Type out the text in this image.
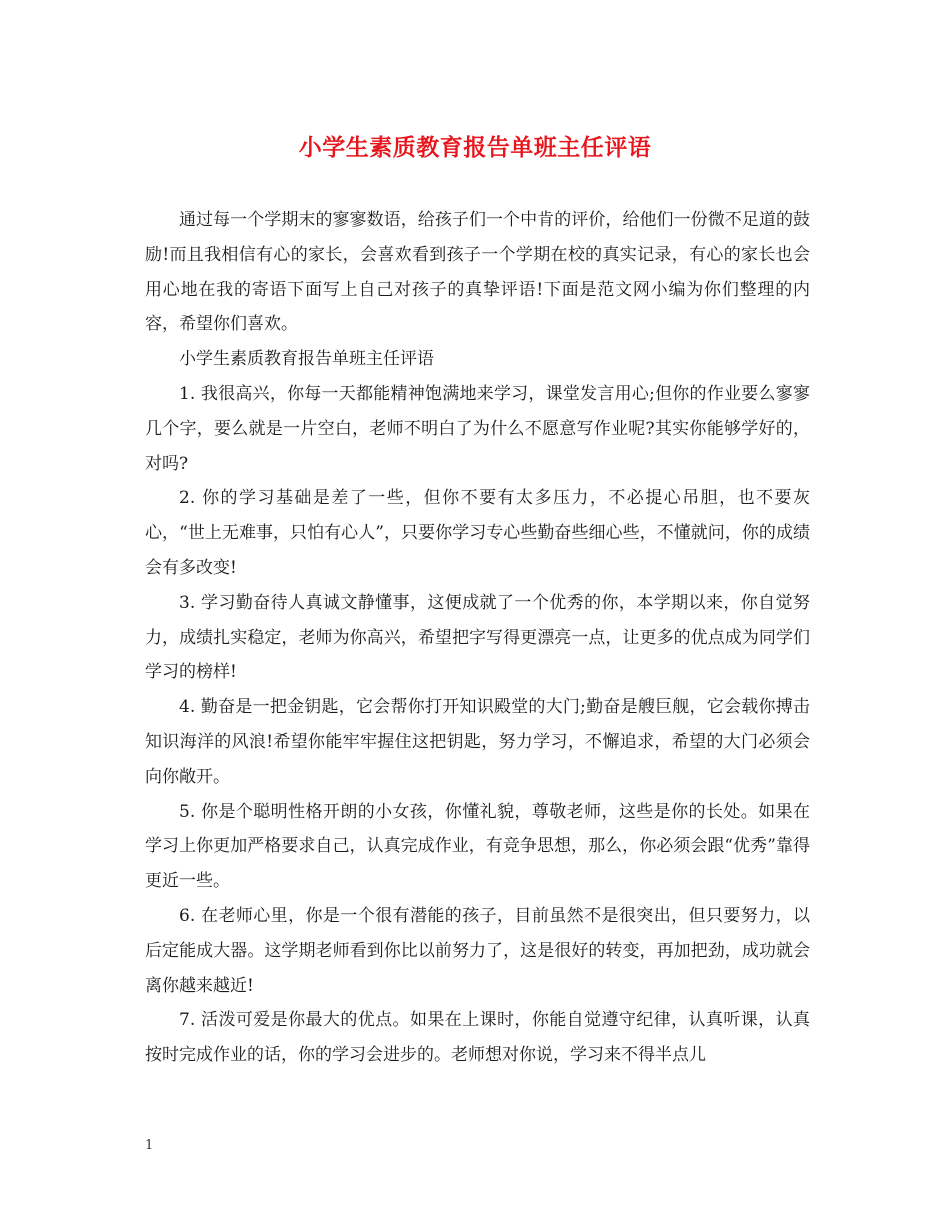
小学生素质教育报告单班主任评语

通过每一个学期末的寥寥数语，给孩子们一个中肯的评价，给他们一份微不足道的鼓励!而且我相信有心的家长，会喜欢看到孩子一个学期在校的真实记录，有心的家长也会用心地在我的寄语下面写上自己对孩子的真挚评语!下面是范文网小编为你们整理的内容，希望你们喜欢。

小学生素质教育报告单班主任评语

1. 我很高兴，你每一天都能精神饱满地来学习，课堂发言用心;但你的作业要么寥寥几个字，要么就是一片空白，老师不明白了为什么不愿意写作业呢?其实你能够学好的，对吗?

2. 你的学习基础是差了一些，但你不要有太多压力，不必提心吊胆，也不要灰心，“世上无难事，只怕有心人”，只要你学习专心些勤奋些细心些，不懂就问，你的成绩会有多改变!

3. 学习勤奋待人真诚文静懂事，这便成就了一个优秀的你，本学期以来，你自觉努力，成绩扎实稳定，老师为你高兴，希望把字写得更漂亮一点，让更多的优点成为同学们学习的榜样!

4. 勤奋是一把金钥匙，它会帮你打开知识殿堂的大门;勤奋是艘巨舰，它会载你搏击知识海洋的风浪!希望你能牢牢握住这把钥匙，努力学习，不懈追求，希望的大门必须会向你敞开。

5. 你是个聪明性格开朗的小女孩，你懂礼貌，尊敬老师，这些是你的长处。如果在学习上你更加严格要求自己，认真完成作业，有竞争思想，那么，你必须会跟“优秀”靠得更近一些。

6. 在老师心里，你是一个很有潜能的孩子，目前虽然不是很突出，但只要努力，以后定能成大器。这学期老师看到你比以前努力了，这是很好的转变，再加把劲，成功就会离你越来越近!

7. 活泼可爱是你最大的优点。如果在上课时，你能自觉遵守纪律，认真听课，认真按时完成作业的话，你的学习会进步的。老师想对你说，学习来不得半点儿

1
